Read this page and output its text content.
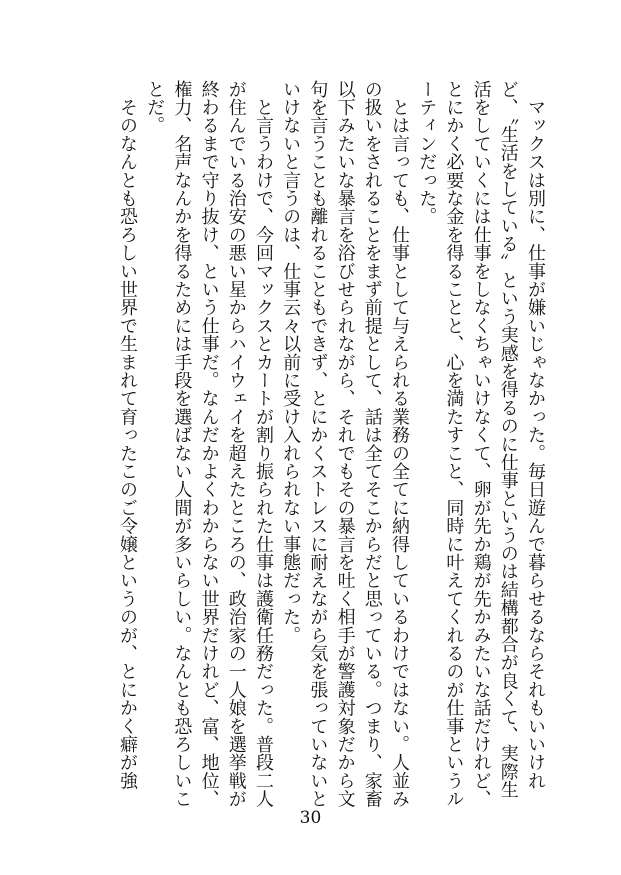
　マックスは別に、仕事が嫌いじゃなかった。毎日遊んで暮らせるならそれもいいけれど、〝生活をしている〟という実感を得るのに仕事というのは結構都合が良くて、実際生活をしていくには仕事をしなくちゃいけなくて、卵が先か鶏が先かみたいな話だけれど、とにかく必要な金を得ることと、心を満たすこと、同時に叶えてくれるのが仕事というルーティンだった。

　とは言っても、仕事として与えられる業務の全てに納得しているわけではない。人並みの扱いをされることをまず前提として、話は全てそこからだと思っている。つまり、家畜以下みたいな暴言を浴びせられながら、それでもその暴言を吐く相手が警護対象だから文句を言うことも離れることもできず、とにかくストレスに耐えながら気を張っていないといけないと言うのは、仕事云々以前に受け入れられない事態だった。

　と言うわけで、今回マックスとカートが割り振られた仕事は護衛任務だった。普段二人が住んでいる治安の悪い星からハイウェイを超えたところの、政治家の一人娘を選挙戦が終わるまで守り抜け、という仕事だ。なんだかよくわからない世界だけれど、富、地位、権力、名声なんかを得るためには手段を選ばない人間が多いらしい。なんとも恐ろしいことだ。

　そのなんとも恐ろしい世界で生まれて育ったこのご令嬢というのが、とにかく癖が強

30
